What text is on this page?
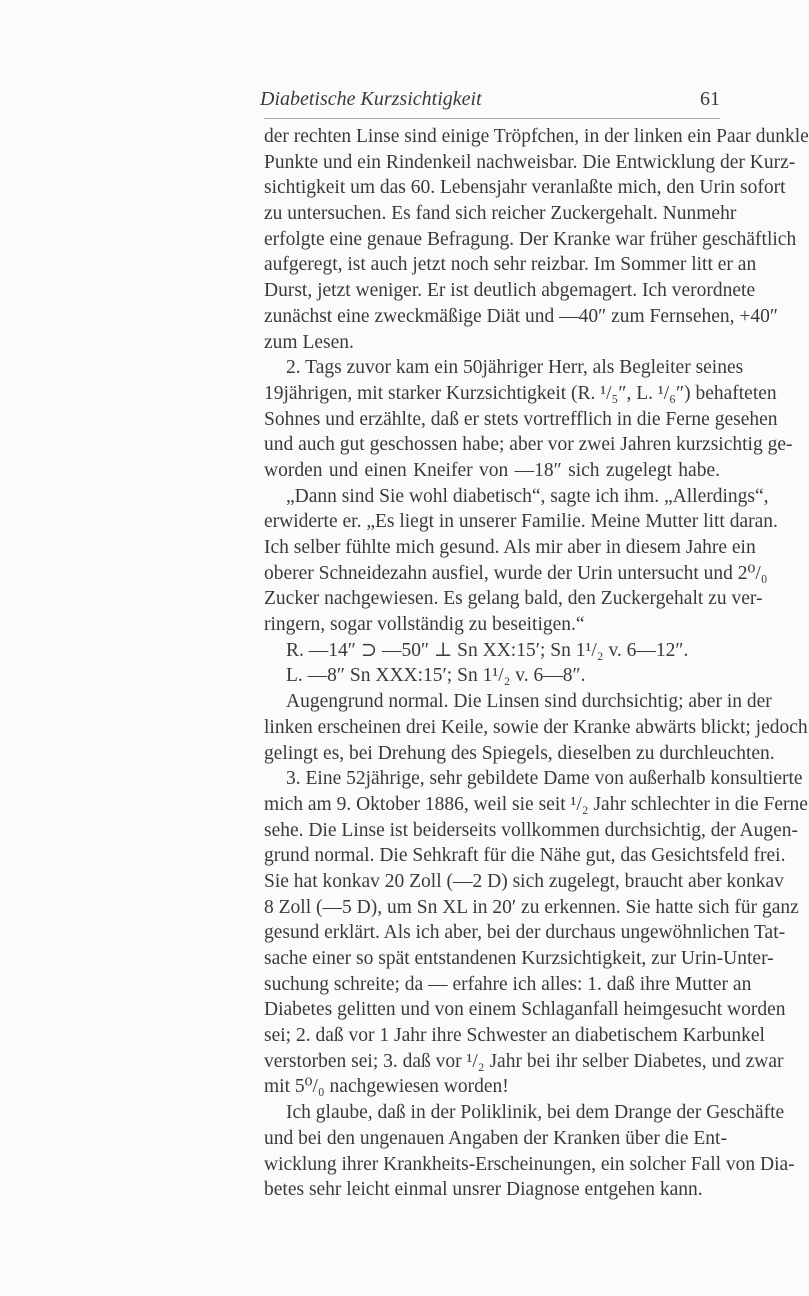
Diabetische Kurzsichtigkeit	61
der rechten Linse sind einige Tröpfchen, in der linken ein Paar dunkle
Punkte und ein Rindenkeil nachweisbar. Die Entwicklung der Kurz-
sichtigkeit um das 60. Lebensjahr veranlaßte mich, den Urin sofort
zu untersuchen. Es fand sich reicher Zuckergehalt. Nunmehr
erfolgte eine genaue Befragung. Der Kranke war früher geschäftlich
aufgeregt, ist auch jetzt noch sehr reizbar. Im Sommer litt er an
Durst, jetzt weniger. Er ist deutlich abgemagert. Ich verordnete
zunächst eine zweckmäßige Diät und —40″ zum Fernsehen, +40″
zum Lesen.
2. Tags zuvor kam ein 50jähriger Herr, als Begleiter seines
19jährigen, mit starker Kurzsichtigkeit (R. ¹/₅″, L. ¹/₆″) behafteten
Sohnes und erzählte, daß er stets vortrefflich in die Ferne gesehen
und auch gut geschossen habe; aber vor zwei Jahren kurzsichtig ge-
worden und einen Kneifer von —18″ sich zugelegt habe.
„Dann sind Sie wohl diabetisch“, sagte ich ihm. „Allerdings“,
erwiderte er. „Es liegt in unserer Familie. Meine Mutter litt daran.
Ich selber fühlte mich gesund. Als mir aber in diesem Jahre ein
oberer Schneidezahn ausfiel, wurde der Urin untersucht und 2⁰/₀
Zucker nachgewiesen. Es gelang bald, den Zuckergehalt zu ver-
ringern, sogar vollständig zu beseitigen.“
R. —14″ ⊃ —50″ ⊥ Sn XX:15′; Sn 1¹/₂ v. 6—12″.
L. —8″ Sn XXX:15′; Sn 1¹/₂ v. 6—8″.
Augengrund normal. Die Linsen sind durchsichtig; aber in der
linken erscheinen drei Keile, sowie der Kranke abwärts blickt; jedoch
gelingt es, bei Drehung des Spiegels, dieselben zu durchleuchten.
3. Eine 52jährige, sehr gebildete Dame von außerhalb konsultierte
mich am 9. Oktober 1886, weil sie seit ¹/₂ Jahr schlechter in die Ferne
sehe. Die Linse ist beiderseits vollkommen durchsichtig, der Augen-
grund normal. Die Sehkraft für die Nähe gut, das Gesichtsfeld frei.
Sie hat konkav 20 Zoll (—2 D) sich zugelegt, braucht aber konkav
8 Zoll (—5 D), um Sn XL in 20′ zu erkennen. Sie hatte sich für ganz
gesund erklärt. Als ich aber, bei der durchaus ungewöhnlichen Tat-
sache einer so spät entstandenen Kurzsichtigkeit, zur Urin-Unter-
suchung schreite; da — erfahre ich alles: 1. daß ihre Mutter an
Diabetes gelitten und von einem Schlaganfall heimgesucht worden
sei; 2. daß vor 1 Jahr ihre Schwester an diabetischem Karbunkel
verstorben sei; 3. daß vor ¹/₂ Jahr bei ihr selber Diabetes, und zwar
mit 5⁰/₀ nachgewiesen worden!
Ich glaube, daß in der Poliklinik, bei dem Drange der Geschäfte
und bei den ungenauen Angaben der Kranken über die Ent-
wicklung ihrer Krankheits-Erscheinungen, ein solcher Fall von Dia-
betes sehr leicht einmal unsrer Diagnose entgehen kann.
